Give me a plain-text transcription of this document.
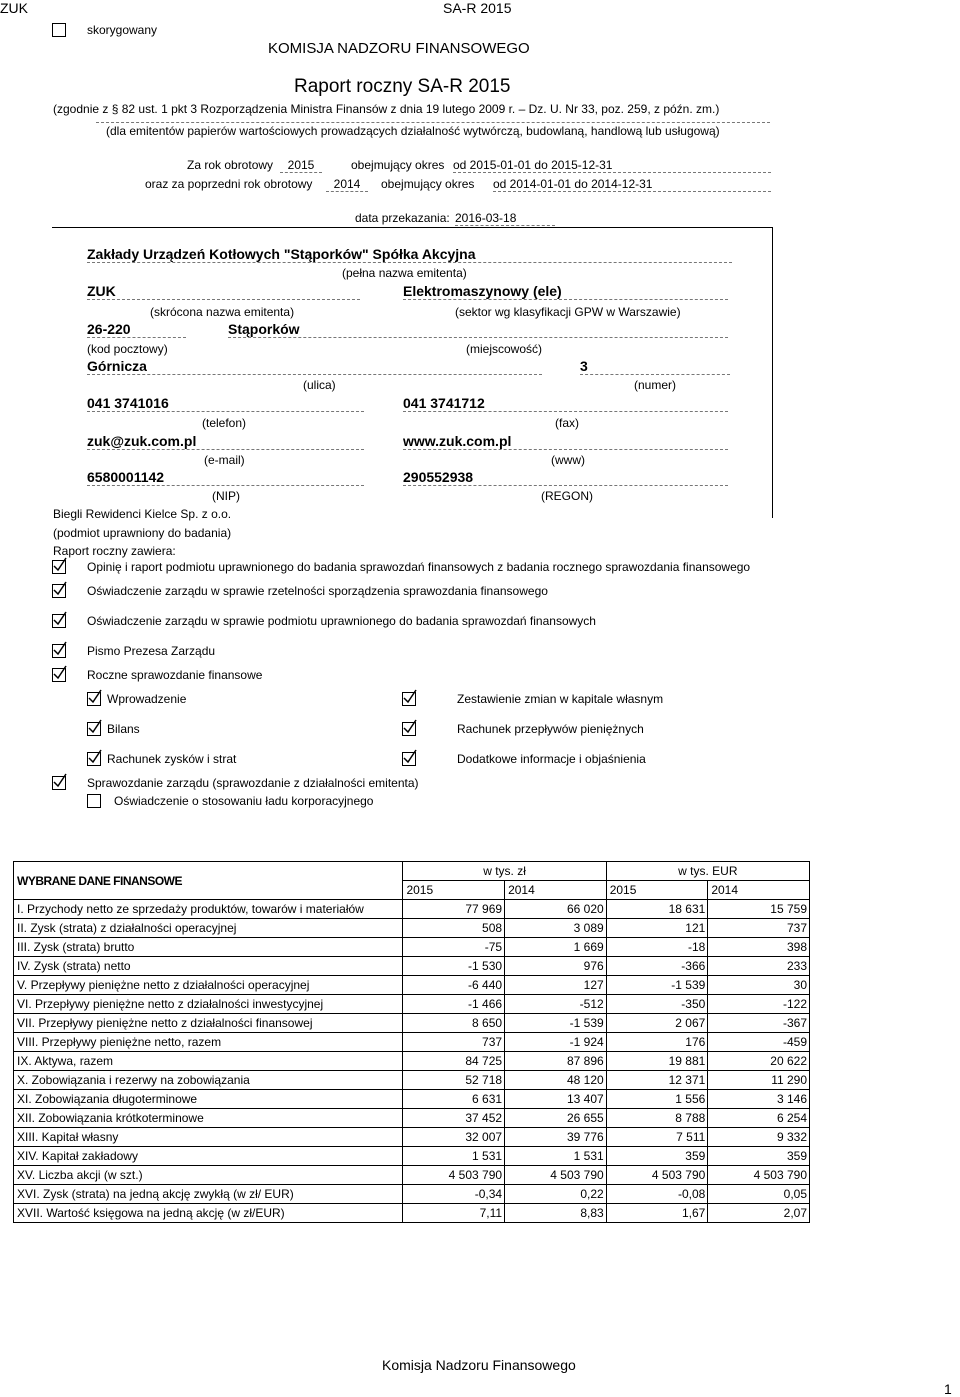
ZUK	SA-R 2015
skorygowany
KOMISJA NADZORU FINANSOWEGO
Raport roczny SA-R 2015
(zgodnie z § 82 ust. 1 pkt 3 Rozporządzenia Ministra Finansów z dnia 19 lutego 2009 r. – Dz. U. Nr 33, poz. 259, z późn. zm.)
(dla emitentów papierów wartościowych prowadzących działalność wytwórczą, budowlaną, handlową lub usługową)
Za rok obrotowy	2015	obejmujący okres od 2015-01-01 do 2015-12-31
oraz za poprzedni rok obrotowy	2014	obejmujący okres od 2014-01-01 do 2014-12-31
data przekazania: 2016-03-18
Zakłady Urządzeń Kotłowych "Stąporków" Spółka Akcyjna
(pełna nazwa emitenta)
ZUK	Elektromaszynowy (ele)
(skrócona nazwa emitenta)	(sektor wg klasyfikacji GPW w Warszawie)
26-220	Stąporków
(kod pocztowy)	(miejscowość)
Górnicza	3
(ulica)	(numer)
041 3741016	041 3741712
(telefon)	(fax)
zuk@zuk.com.pl	www.zuk.com.pl
(e-mail)	(www)
6580001142	290552938
(NIP)	(REGON)
Biegli Rewidenci Kielce Sp. z o.o.
(podmiot uprawniony do badania)
Raport roczny zawiera:
Opinię i raport podmiotu uprawnionego do badania sprawozdań finansowych z badania rocznego sprawozdania finansowego
Oświadczenie zarządu w sprawie rzetelności sporządzenia sprawozdania finansowego
Oświadczenie zarządu w sprawie podmiotu uprawnionego do badania sprawozdań finansowych
Pismo Prezesa Zarządu
Roczne sprawozdanie finansowe
Wprowadzenie	Zestawienie zmian w kapitale własnym
Bilans	Rachunek przepływów pieniężnych
Rachunek zysków i strat	Dodatkowe informacje i objaśnienia
Sprawozdanie zarządu (sprawozdanie z działalności emitenta)
Oświadczenie o stosowaniu ładu korporacyjnego
WYBRANE DANE FINANSOWE	w tys. zł		w tys. EUR	
	2015	2014	2015	2014
I. Przychody netto ze sprzedaży produktów, towarów i materiałów	77 969	66 020	18 631	15 759
II. Zysk (strata) z działalności operacyjnej	508	3 089	121	737
III. Zysk (strata) brutto	-75	1 669	-18	398
IV. Zysk (strata) netto	-1 530	976	-366	233
V. Przepływy pieniężne netto z działalności operacyjnej	-6 440	127	-1 539	30
VI. Przepływy pieniężne netto z działalności inwestycyjnej	-1 466	-512	-350	-122
VII. Przepływy pieniężne netto z działalności finansowej	8 650	-1 539	2 067	-367
VIII. Przepływy pieniężne netto, razem	737	-1 924	176	-459
IX. Aktywa, razem	84 725	87 896	19 881	20 622
X. Zobowiązania i rezerwy na zobowiązania	52 718	48 120	12 371	11 290
XI. Zobowiązania długoterminowe	6 631	13 407	1 556	3 146
XII. Zobowiązania krótkoterminowe	37 452	26 655	8 788	6 254
XIII. Kapitał własny	32 007	39 776	7 511	9 332
XIV. Kapitał zakładowy	1 531	1 531	359	359
XV. Liczba akcji (w szt.)	4 503 790	4 503 790	4 503 790	4 503 790
XVI. Zysk (strata) na jedną akcję zwykłą (w zł/ EUR)	-0,34	0,22	-0,08	0,05
XVII. Wartość księgowa na jedną akcję (w zł/EUR)	7,11	8,83	1,67	2,07
Komisja Nadzoru Finansowego
1
